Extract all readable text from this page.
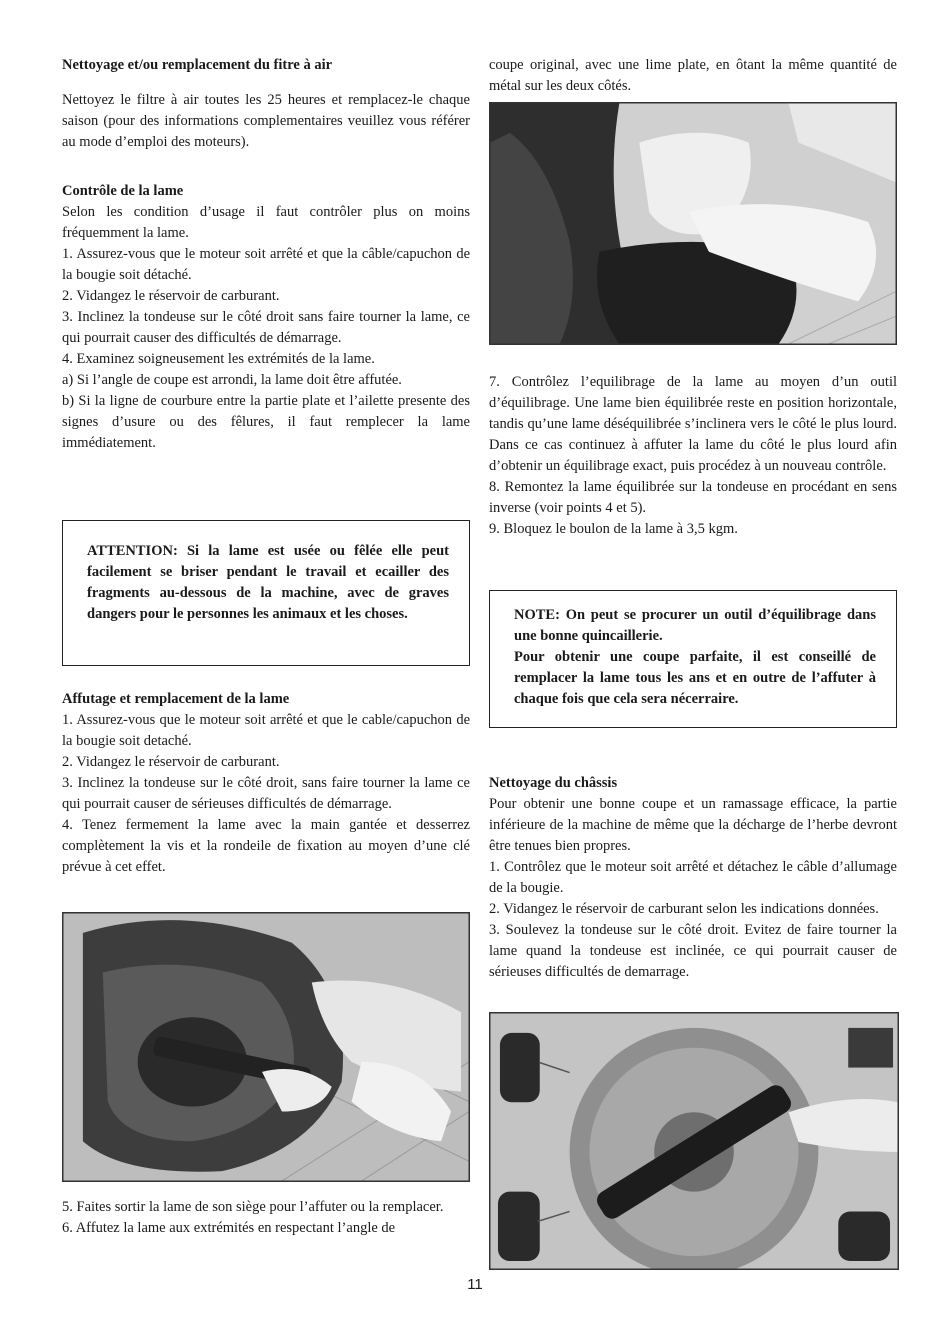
Nettoyage et/ou remplacement du fitre à air

Nettoyez le filtre à air toutes les 25 heures et remplacez-le chaque saison (pour des informations complementaires veuillez vous référer au mode d’emploi des moteurs).

Contrôle de la lame

Selon les condition d’usage il faut contrôler plus on moins fréquemment la lame.

1. Assurez-vous que le moteur soit arrêté et que la câble/capuchon de la bougie soit détaché.

2. Vidangez le réservoir de carburant.

3. Inclinez la tondeuse sur le côté droit sans faire tourner la lame, ce qui pourrait causer des difficultés de démarrage.

4. Examinez soigneusement les extrémités de la lame.

a) Si l’angle de coupe est arrondi, la lame doit être affutée.

b) Si la ligne de courbure entre la partie plate et l’ailette presente des signes d’usure ou des fêlures, il faut remplecer la lame immédiatement.

ATTENTION: Si la lame est usée ou fêlée elle peut facilement se briser pendant le travail et ecailler des fragments au-dessous de la machine, avec de graves dangers pour le personnes les animaux et les choses.

Affutage et remplacement de la lame

1. Assurez-vous que le moteur soit arrêté et que le cable/capuchon de la bougie soit detaché.

2. Vidangez le réservoir de carburant.

3. Inclinez la tondeuse sur le côté droit, sans faire tourner la lame ce qui pourrait causer de sérieuses difficultés de démarrage.

4. Tenez fermement la lame avec la main gantée et desserrez complètement la vis et la rondeile de fixation au moyen d’une clé prévue à cet effet.

5. Faites sortir la lame de son siège pour l’affuter ou la remplacer.

6. Affutez la lame aux extrémités en respectant l’angle de

coupe original, avec une lime plate, en ôtant la même quantité de métal sur les deux côtés.

7. Contrôlez l’equilibrage de la lame au moyen d’un outil d’équilibrage. Une lame bien équilibrée reste en position horizontale, tandis qu’une lame déséquilibrée s’inclinera vers le côté le plus lourd. Dans ce cas continuez à affuter la lame du côté le plus lourd afin d’obtenir un équilibrage exact, puis procédez à un nouveau contrôle.

8. Remontez la lame équilibrée sur la tondeuse en procédant en sens inverse (voir points 4 et 5).

9. Bloquez le boulon de la lame à 3,5 kgm.

NOTE: On peut se procurer un outil d’équilibrage dans une bonne quincaillerie.

Pour obtenir une coupe parfaite, il est conseillé de remplacer la lame tous les ans et en outre de l’affuter à chaque fois que cela sera nécerraire.

Nettoyage du châssis

Pour obtenir une bonne coupe et un ramassage efficace, la partie inférieure de la machine de même que la décharge de l’herbe devront être tenues bien propres.

1. Contrôlez que le moteur soit arrêté et détachez le câble d’allumage de la bougie.

2. Vidangez le réservoir de carburant selon les indications données.

3. Soulevez la tondeuse sur le côté droit. Evitez de faire tourner la lame quand la tondeuse est inclinée, ce qui pourrait causer de sérieuses difficultés de demarrage.

11
